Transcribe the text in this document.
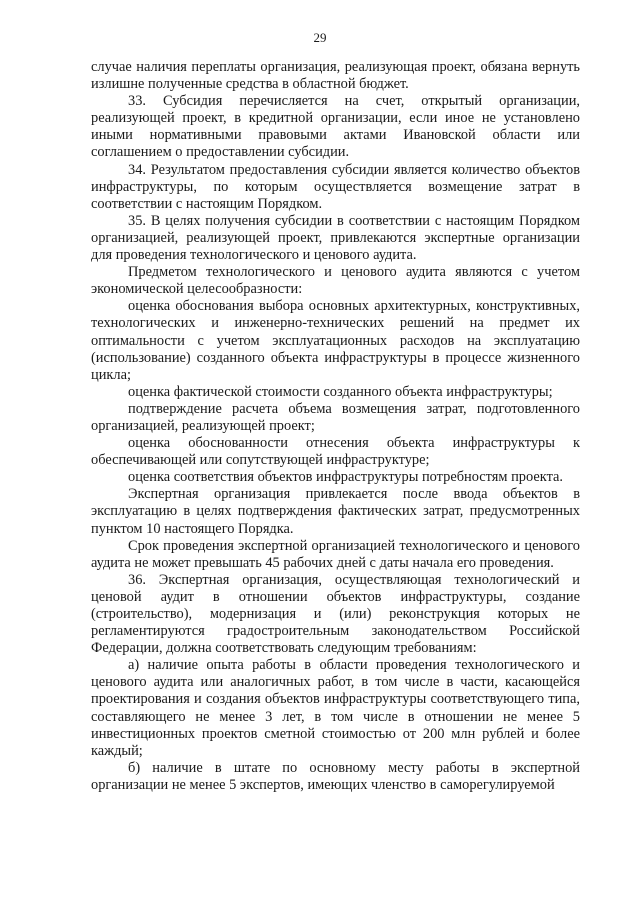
29

случае наличия переплаты организация, реализующая проект, обязана вернуть излишне полученные средства в областной бюджет.

33. Субсидия перечисляется на счет, открытый организации, реализующей проект, в кредитной организации, если иное не установлено иными нормативными правовыми актами Ивановской области или соглашением о предоставлении субсидии.

34. Результатом предоставления субсидии является количество объектов инфраструктуры, по которым осуществляется возмещение затрат в соответствии с настоящим Порядком.

35. В целях получения субсидии в соответствии с настоящим Порядком организацией, реализующей проект, привлекаются экспертные организации для проведения технологического и ценового аудита.

Предметом технологического и ценового аудита являются с учетом экономической целесообразности:

оценка обоснования выбора основных архитектурных, конструктивных, технологических и инженерно-технических решений на предмет их оптимальности с учетом эксплуатационных расходов на эксплуатацию (использование) созданного объекта инфраструктуры в процессе жизненного цикла;

оценка фактической стоимости созданного объекта инфраструктуры;

подтверждение расчета объема возмещения затрат, подготовленного организацией, реализующей проект;

оценка обоснованности отнесения объекта инфраструктуры к обеспечивающей или сопутствующей инфраструктуре;

оценка соответствия объектов инфраструктуры потребностям проекта.

Экспертная организация привлекается после ввода объектов в эксплуатацию в целях подтверждения фактических затрат, предусмотренных пунктом 10 настоящего Порядка.

Срок проведения экспертной организацией технологического и ценового аудита не может превышать 45 рабочих дней с даты начала его проведения.

36. Экспертная организация, осуществляющая технологический и ценовой аудит в отношении объектов инфраструктуры, создание (строительство), модернизация и (или) реконструкция которых не регламентируются градостроительным законодательством Российской Федерации, должна соответствовать следующим требованиям:

а) наличие опыта работы в области проведения технологического и ценового аудита или аналогичных работ, в том числе в части, касающейся проектирования и создания объектов инфраструктуры соответствующего типа, составляющего не менее 3 лет, в том числе в отношении не менее 5 инвестиционных проектов сметной стоимостью от 200 млн рублей и более каждый;

б) наличие в штате по основному месту работы в экспертной организации не менее 5 экспертов, имеющих членство в саморегулируемой
